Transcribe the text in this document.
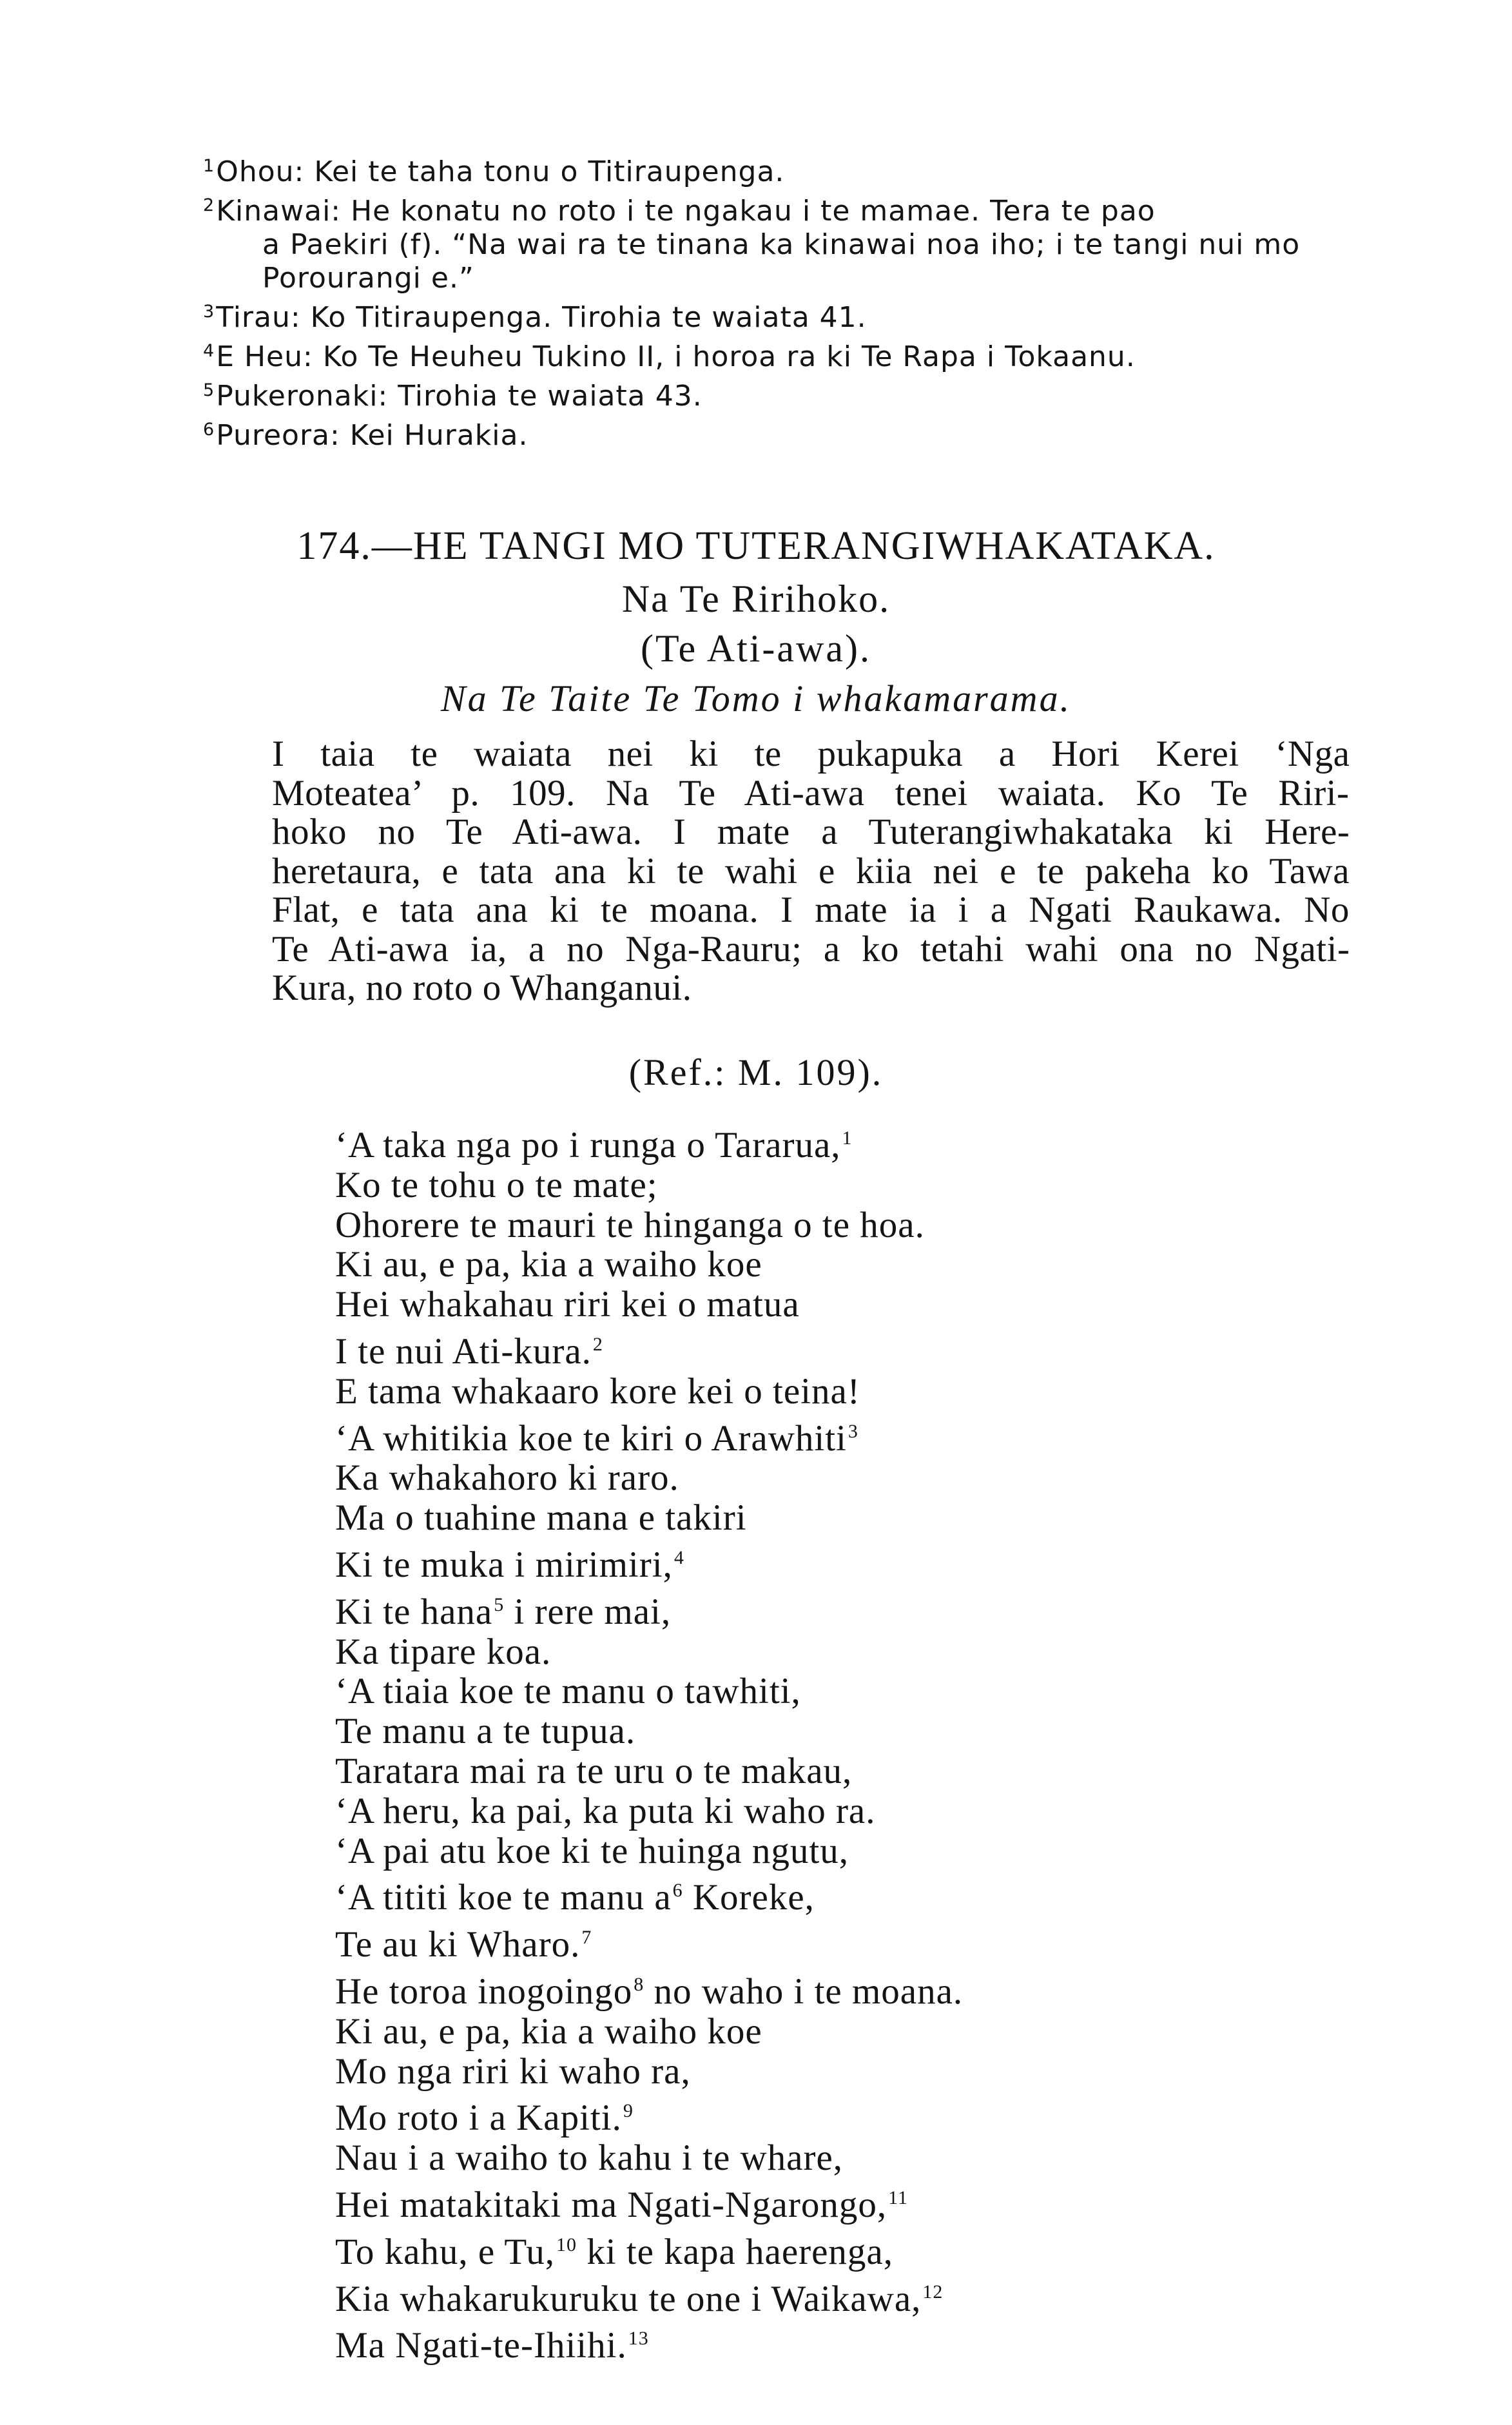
$^1$Ohou: Kei te taha tonu o Titiraupenga.

$^2$Kinawai: He konatu no roto i te ngakau i te mamae. Tera te pao
a Paekiri (f). “Na wai ra te tinana ka kinawai noa iho; i te tangi nui mo Porourangi e.”

$^3$Tirau: Ko Titiraupenga. Tirohia te waiata 41.

$^4$E Heu: Ko Te Heuheu Tukino II, i horoa ra ki Te Rapa i Tokaanu.

$^5$Pukeronaki: Tirohia te waiata 43.

$^6$Pureora: Kei Hurakia.

174.—HE TANGI MO TUTERANGIWHAKATAKA.
Na Te Ririhoko.
(Te Ati-awa).
Na Te Taite Te Tomo i whakamarama.
I taia te waiata nei ki te pukapuka a Hori Kerei ‘Nga
Moteatea’ p. 109. Na Te Ati-awa tenei waiata. Ko Te Riri-
hoko no Te Ati-awa. I mate a Tuterangiwhakataka ki Here-
heretaura, e tata ana ki te wahi e kiia nei e te pakeha ko Tawa
Flat, e tata ana ki te moana. I mate ia i a Ngati Raukawa. No
Te Ati-awa ia, a no Nga-Rauru; a ko tetahi wahi ona no Ngati-
Kura, no roto o Whanganui.
(Ref.: M. 109).

‘A taka nga po i runga o Tararua,$^1$

Ko te tohu o te mate;

Ohorere te mauri te hinganga o te hoa.

Ki au, e pa, kia a waiho koe

Hei whakahau riri kei o matua

I te nui Ati-kura.$^2$

E tama whakaaro kore kei o teina!

‘A whitikia koe te kiri o Arawhiti$^3$

Ka whakahoro ki raro.

Ma o tuahine mana e takiri

Ki te muka i mirimiri,$^4$

Ki te hana$^5$ i rere mai,

Ka tipare koa.

‘A tiaia koe te manu o tawhiti,

Te manu a te tupua.

Taratara mai ra te uru o te makau,

‘A heru, ka pai, ka puta ki waho ra.

‘A pai atu koe ki te huinga ngutu,

‘A tititi koe te manu $a^6$ Koreke,

Te au ki Wharo.$^7$

He toroa inogoingo$^8$ no waho i te moana.

Ki au, e pa, kia a waiho koe

Mo nga riri ki waho ra,

Mo roto i a Kapiti.$^9$

Nau i a waiho to kahu i te whare,

Hei matakitaki ma Ngati-Ngarongo,$^{11}$

To kahu, e Tu,$^{10}$ ki te kapa haerenga,

Kia whakarukuruku te one i Waikawa,$^{12}$

Ma Ngati-te-Ihiihi.$^{13}$
